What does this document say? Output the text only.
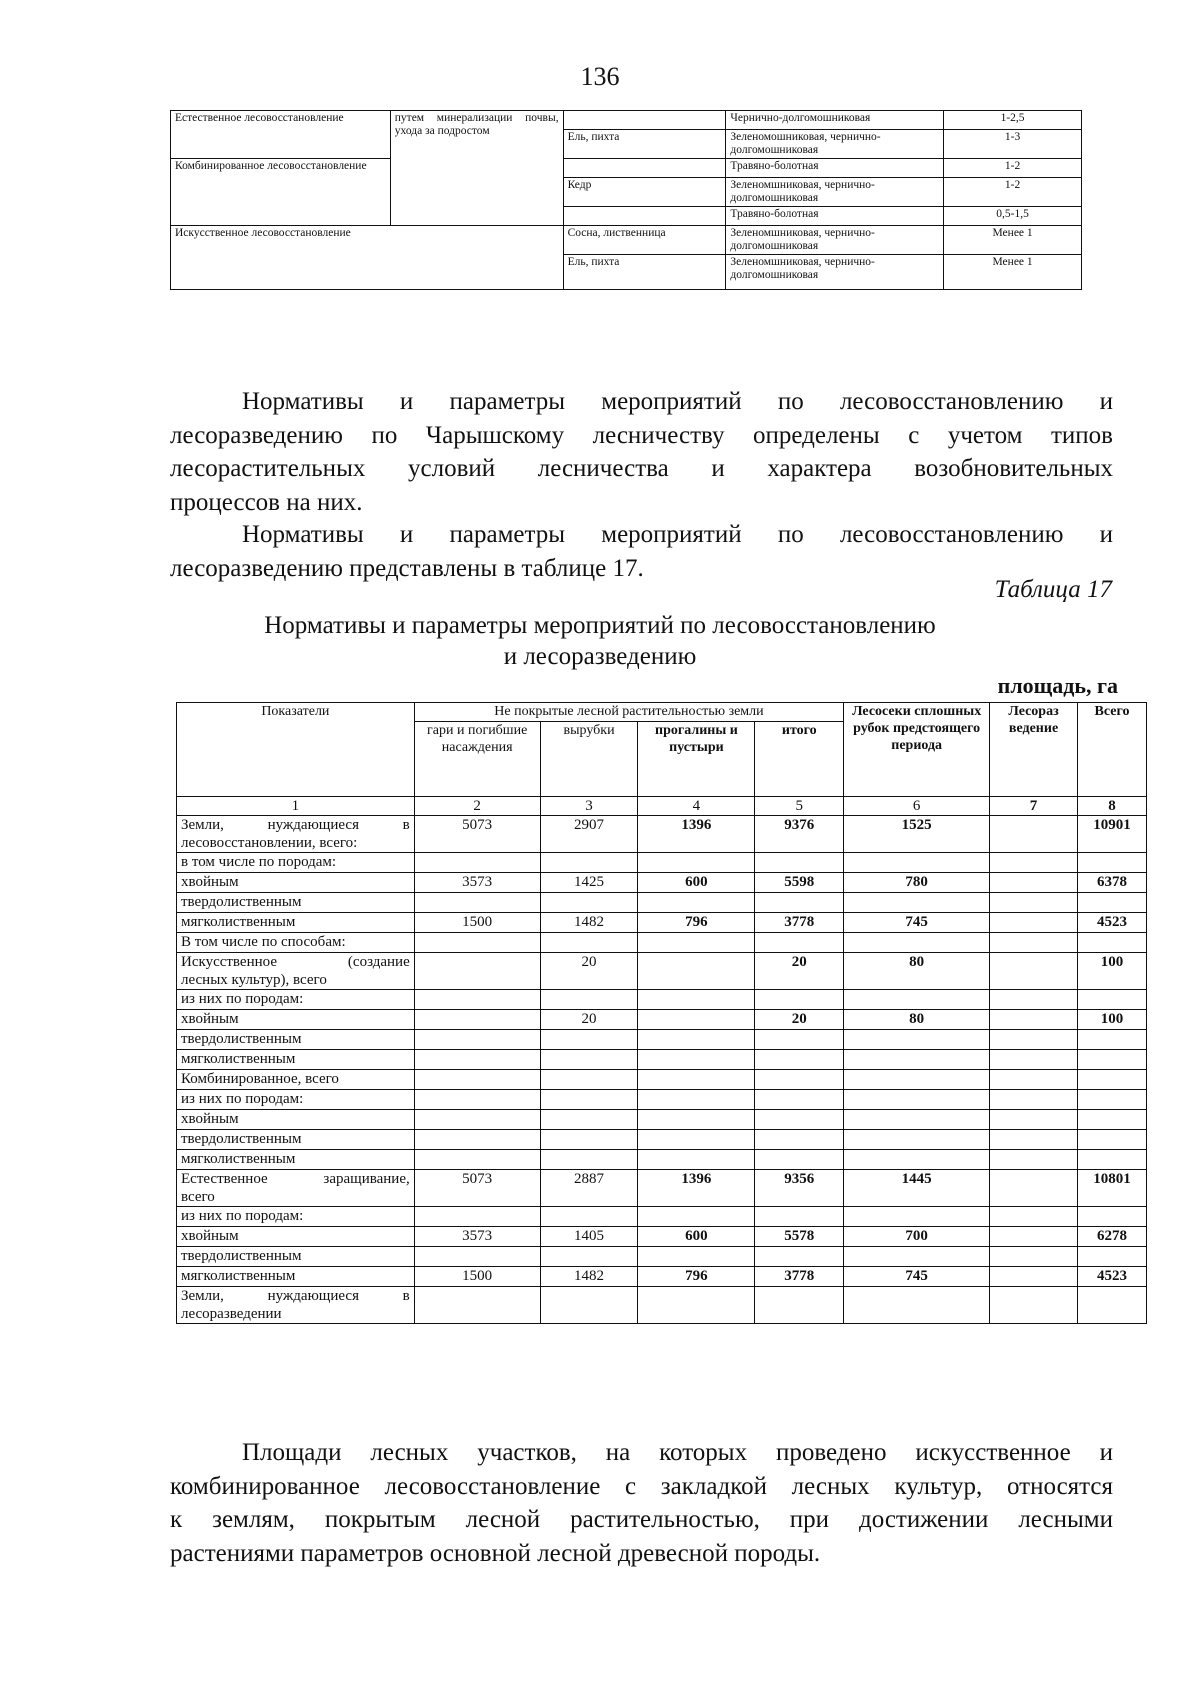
136
Естественное лесовосстановление	путем минерализации почвы, ухода за подростом		Черничнo-долгомошниковая	1-2,5
		Ель, пихта	Зеленомошниковая, чернично-долгомошниковая	1-3
Комбинированное лесовосстановление			Травяно-болотная	1-2
		Кедр	Зеленомшниковая, чернично-долгомошниковая	1-2
			Травяно-болотная	0,5-1,5
Искусственное лесовосстановление		Сосна, лиственница	Зеленомшниковая, чернично-долгомошниковая	Менее 1
		Ель, пихта	Зеленомшниковая, чернично-долгомошниковая	Менее 1

Нормативы и параметры мероприятий по лесовосстановлению и
лесоразведению по Чарышскому лесничеству определены с учетом типов
лесорастительных условий лесничества и характера возобновительных
процессов на них.

Нормативы и параметры мероприятий по лесовосстановлению и
лесоразведению представлены в таблице 17.

Таблица 17
Нормативы и параметры мероприятий по лесовосстановлению
и лесоразведению
площадь, га
Показатели	Не покрытые лесной растительностью земли				Лесосеки сплошных рубок предстоящего периода	Лесораз ведение	Всего
	гари и погибшие насаждения	вырубки	прогалины и пустыри	итого			
1	2	3	4	5	6	7	8

Земли, нуждающиеся в
лесовосстановлении, всего:	5073	2907	1396	9376	1525		10901

в том числе по породам:							

хвойным	3573	1425	600	5598	780		6378

твердолиственным							

мягколиственным	1500	1482	796	3778	745		4523

В том числе по способам:							

Искусственное (создание
лесных культур), всего		20		20	80		100

из них по породам:							

хвойным		20		20	80		100

твердолиственным							

мягколиственным							

Комбинированное, всего							

из них по породам:							

хвойным							

твердолиственным							

мягколиственным							

Естественное заращивание,
всего	5073	2887	1396	9356	1445		10801

из них по породам:							

хвойным	3573	1405	600	5578	700		6278

твердолиственным							

мягколиственным	1500	1482	796	3778	745		4523

Земли, нуждающиеся в
лесоразведении							

Площади лесных участков, на которых проведено искусственное и
комбинированное лесовосстановление с закладкой лесных культур, относятся
к землям, покрытым лесной растительностью, при достижении лесными
растениями параметров основной лесной древесной породы.
